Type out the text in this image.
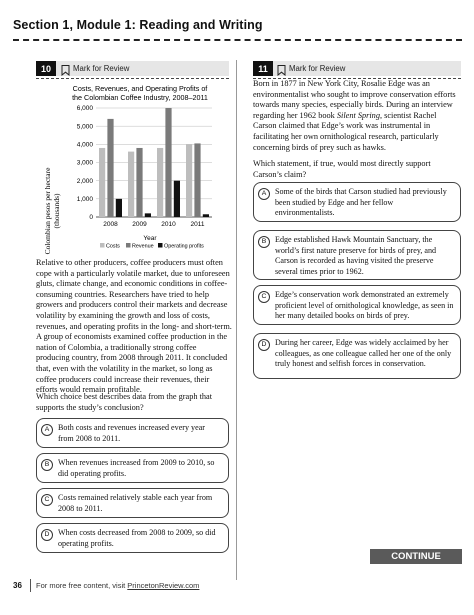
Section 1, Module 1: Reading and Writing
10	Mark for Review
Costs, Revenues, and Operating Profits of
the Colombian Coffee Industry, 2008–2011
Colombian pesos per hectare (thousands)
6,000
5,000
4,000
3,000
2,000
1,000
0
2008 2009 2010 2011
Year
Costs Revenue Operating profits
Relative to other producers, coffee producers must often cope with a particularly volatile market, due to unforeseen gluts, climate change, and economic conditions in coffee-consuming countries. Researchers have tried to help growers and producers control their markets and decrease volatility by examining the growth and loss of costs, revenues, and operating profits in the long- and short-term. A group of economists examined coffee production in the nation of Colombia, a traditionally strong coffee producing country, from 2008 through 2011. It concluded that, even with the volatility in the market, so long as coffee producers could increase their revenues, their efforts would remain profitable.
Which choice best describes data from the graph that supports the study’s conclusion?
A	Both costs and revenues increased every year from 2008 to 2011.
B	When revenues increased from 2009 to 2010, so did operating profits.
C	Costs remained relatively stable each year from 2008 to 2011.
D	When costs decreased from 2008 to 2009, so did operating profits.
11	Mark for Review
Born in 1877 in New York City, Rosalie Edge was an environmentalist who sought to improve conservation efforts towards many species, especially birds. During an interview regarding her 1962 book Silent Spring, scientist Rachel Carson claimed that Edge’s work was instrumental in facilitating her own ornithological research, particularly concerning birds of prey such as hawks.
Which statement, if true, would most directly support Carson’s claim?
A	Some of the birds that Carson studied had previously been studied by Edge and her fellow environmentalists.
B	Edge established Hawk Mountain Sanctuary, the world’s first nature preserve for birds of prey, and Carson is recorded as having visited the preserve several times prior to 1962.
C	Edge’s conservation work demonstrated an extremely proficient level of ornithological knowledge, as seen in her many detailed books on birds of prey.
D	During her career, Edge was widely acclaimed by her colleagues, as one colleague called her one of the only truly honest and selfish forces in conservation.
CONTINUE
36 For more free content, visit PrincetonReview.com
